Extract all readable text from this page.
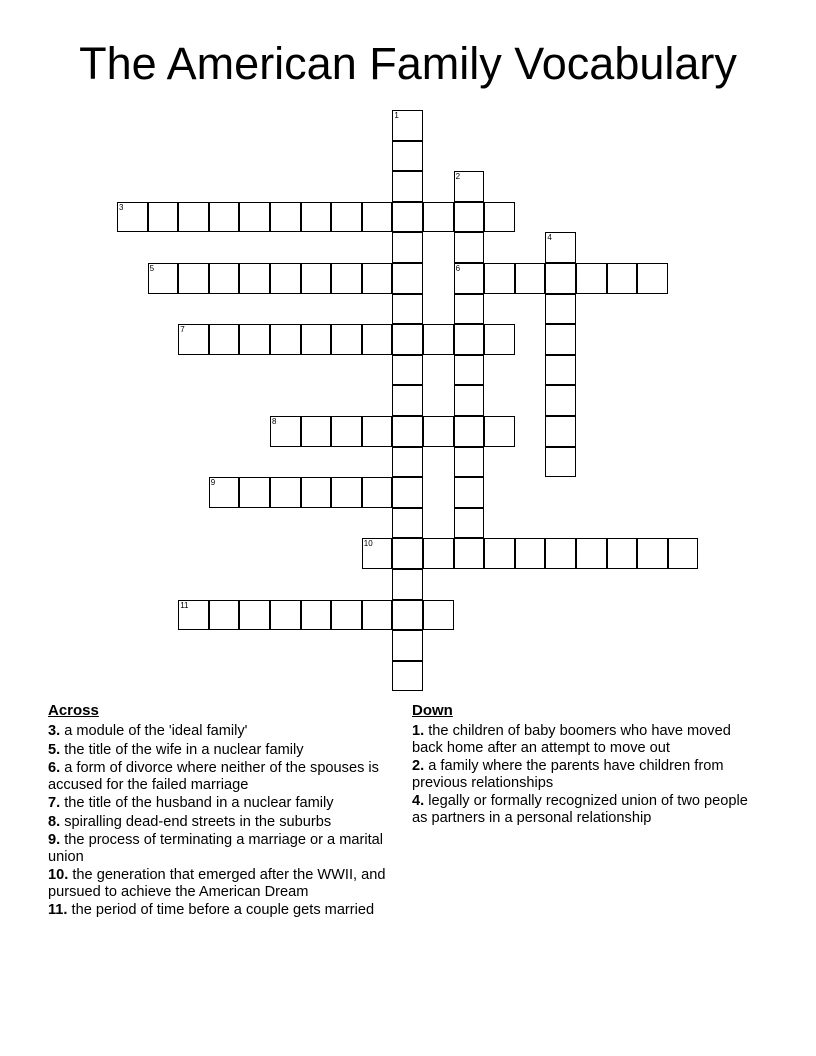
The American Family Vocabulary
1
2
6
3
4
5
7
8
9
10
11
Across
3. a module of the 'ideal family'
5. the title of the wife in a nuclear family
6. a form of divorce where neither of the spouses is accused for the failed marriage
7. the title of the husband in a nuclear family
8. spiralling dead-end streets in the suburbs
9. the process of terminating a marriage or a marital union
10. the generation that emerged after the WWII, and pursued to achieve the American Dream
11. the period of time before a couple gets married
Down
1. the children of baby boomers who have moved back home after an attempt to move out
2. a family where the parents have children from previous relationships
4. legally or formally recognized union of two people as partners in a personal relationship
